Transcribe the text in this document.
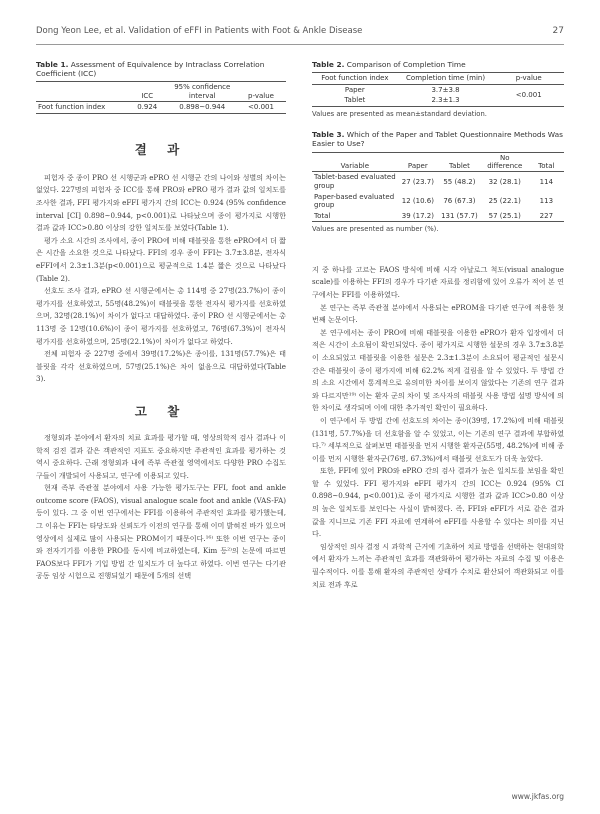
Dong Yeon Lee, et al. Validation of eFFI in Patients with Foot & Ankle Disease	27

Table 1. Assessment of Equivalence by Intraclass Correlation Coefficient (ICC)

	ICC	95% confidence interval	p-value
Foot function index	0.924	0.898~0.944	<0.001
결 과

피험자 중 종이 PRO 선 시행군과 ePRO 선 시행군 간의 나이와 성별의 차이는 없었다. 227명의 피험자 중 ICC를 통해 PRO와 ePRO 평가 결과 값의 일치도를 조사한 결과, FFI 평가지와 eFFI 평가지 간의 ICC는 0.924 (95% confidence interval [CI] 0.898~0.944, p<0.001)로 나타났으며 종이 평가지로 시행한 결과 값과 ICC>0.80 이상의 강한 일치도를 보였다(Table 1).

평가 소요 시간의 조사에서, 종이 PRO에 비해 태블릿을 통한 ePRO에서 더 짧은 시간을 소요한 것으로 나타났다. FFI의 경우 종이 FFI는 3.7±3.8분, 전자식 eFFI에서 2.3±1.3분(p<0.001)으로 평균적으로 1.4분 짧은 것으로 나타났다(Table 2).

선호도 조사 결과, ePRO 선 시행군에서는 총 114명 중 27명(23.7%)이 종이 평가지를 선호하였고, 55명(48.2%)이 태블릿을 통한 전자식 평가지를 선호하였으며, 32명(28.1%)이 차이가 없다고 대답하였다. 종이 PRO 선 시행군에서는 총 113명 중 12명(10.6%)이 종이 평가지를 선호하였고, 76명(67.3%)이 전자식 평가지를 선호하였으며, 25명(22.1%)이 차이가 없다고 하였다.

전체 피험자 중 227명 중에서 39명(17.2%)은 종이를, 131명(57.7%)은 태블릿을 각각 선호하였으며, 57명(25.1%)은 차이 없음으로 대답하였다(Table 3).

고 찰

정형외과 분야에서 환자의 치료 효과를 평가할 때, 영상의학적 검사 결과나 이학적 검진 결과 같은 객관적인 지표도 중요하지만 주관적인 효과를 평가하는 것 역시 중요하다. 근래 정형외과 내에 족부 족관절 영역에서도 다양한 PRO 수집도구들이 개발되어 사용되고, 연구에 이용되고 있다.

현재 족부 족관절 분야에서 사용 가능한 평가도구는 FFI, foot and ankle outcome score (FAOS), visual analogue scale foot and ankle (VAS-FA) 등이 있다. 그 중 이번 연구에서는 FFI를 이용하여 주관적인 효과를 평가했는데, 그 이유는 FFI는 타당도와 신뢰도가 이전의 연구를 통해 이미 밝혀진 바가 있으며 영상에서 실제로 많이 사용되는 PROM이기 때문이다.¹⁶⁾ 또한 이번 연구는 종이와 전자기기를 이용한 PRO를 동시에 비교하였는데, Kim 등²⁾의 논문에 따르면 FAOS보다 FFI가 기입 방법 간 일치도가 더 높다고 하였다. 이번 연구는 다기관 공동 임상 시험으로 진행되었기 때문에 5개의 선택

Table 2. Comparison of Completion Time

Foot function index	Completion time (min)	p-value
Paper	3.7±3.8	<0.001
Tablet	2.3±1.3	

Values are presented as mean±standard deviation.

Table 3. Which of the Paper and Tablet Questionnaire Methods Was Easier to Use?

Variable	Paper	Tablet	No difference	Total
Tablet-based evaluated group	27 (23.7)	55 (48.2)	32 (28.1)	114
Paper-based evaluated group	12 (10.6)	76 (67.3)	25 (22.1)	113
Total	39 (17.2)	131 (57.7)	57 (25.1)	227

Values are presented as number (%).

지 중 하나를 고르는 FAOS 방식에 비해 시각 아날로그 척도(visual analogue scale)를 이용하는 FFI의 경우가 다기관 자료를 정리함에 있어 오류가 적어 본 연구에서는 FFI를 이용하였다.

본 연구는 족부 족관절 분야에서 사용되는 ePROM을 다기관 연구에 적용한 첫 번째 논문이다.

본 연구에서는 종이 PRO에 비해 태블릿을 이용한 ePRO가 환자 입장에서 더 적은 시간이 소요됨이 확인되었다. 종이 평가지로 시행한 설문의 경우 3.7±3.8분이 소요되었고 태블릿을 이용한 설문은 2.3±1.3분이 소요되어 평균적인 설문시간은 태블릿이 종이 평가지에 비해 62.2% 적게 걸림을 알 수 있었다. 두 방법 간의 소요 시간에서 통계적으로 유의미한 차이를 보이지 않았다는 기존의 연구 결과와 다르지만¹⁹⁾ 이는 환자 군의 차이 및 조사자의 태블릿 사용 방법 설명 방식에 의한 차이로 생각되며 이에 대한 추가적인 확인이 필요하다.

이 연구에서 두 방법 간에 선호도의 차이는 종이(39명, 17.2%)에 비해 태블릿(131명, 57.7%)을 더 선호함을 알 수 있었고, 이는 기존의 연구 결과에 부합하였다.⁷⁾ 세부적으로 살펴보면 태블릿을 먼저 시행한 환자군(55명, 48.2%)에 비해 종이를 먼저 시행한 환자군(76명, 67.3%)에서 태블릿 선호도가 더욱 높았다.

또한, FFI에 있어 PRO와 ePRO 간의 검사 결과가 높은 일치도를 보임을 확인할 수 있었다. FFI 평가지와 eFFI 평가지 간의 ICC는 0.924 (95% CI 0.898~0.944, p<0.001)로 종이 평가지로 시행한 결과 값과 ICC>0.80 이상의 높은 일치도를 보인다는 사실이 밝혀졌다. 즉, FFI와 eFFI가 서로 같은 결과 값을 지니므로 기존 FFI 자료에 연계하여 eFFI를 사용할 수 있다는 의미를 지닌다.

임상적인 의사 결정 시 과학적 근거에 기초하여 치료 방법을 선택하는 현대의학에서 환자가 느끼는 주관적인 효과를 객관화하여 평가하는 자료의 수집 및 이용은 필수적이다. 이를 통해 환자의 주관적인 상태가 수치로 환산되어 객관화되고 이를 치료 전과 후로

www.jkfas.org
